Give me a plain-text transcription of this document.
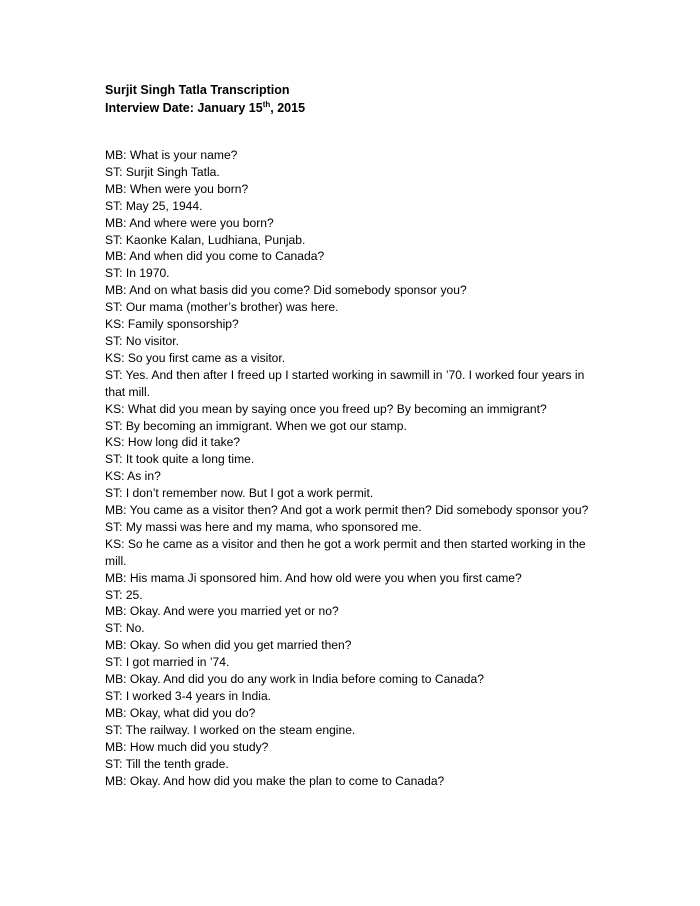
Surjit Singh Tatla Transcription
Interview Date: January 15th, 2015

MB: What is your name?

ST: Surjit Singh Tatla.

MB: When were you born?

ST: May 25, 1944.

MB: And where were you born?

ST: Kaonke Kalan, Ludhiana, Punjab.

MB: And when did you come to Canada?

ST: In 1970.

MB: And on what basis did you come? Did somebody sponsor you?

ST: Our mama (mother’s brother) was here.

KS: Family sponsorship?

ST: No visitor.

KS: So you first came as a visitor.

ST: Yes. And then after I freed up I started working in sawmill in ’70. I worked four years in that mill.

KS: What did you mean by saying once you freed up? By becoming an immigrant?

ST: By becoming an immigrant. When we got our stamp.

KS: How long did it take?

ST: It took quite a long time.

KS: As in?

ST: I don’t remember now. But I got a work permit.

MB: You came as a visitor then? And got a work permit then? Did somebody sponsor you?

ST: My massi was here and my mama, who sponsored me.

KS: So he came as a visitor and then he got a work permit and then started working in the mill.

MB: His mama Ji sponsored him. And how old were you when you first came?

ST: 25.

MB: Okay. And were you married yet or no?

ST: No.

MB: Okay. So when did you get married then?

ST: I got married in ’74.

MB: Okay. And did you do any work in India before coming to Canada?

ST: I worked 3-4 years in India.

MB: Okay, what did you do?

ST: The railway. I worked on the steam engine.

MB: How much did you study?

ST: Till the tenth grade.

MB: Okay. And how did you make the plan to come to Canada?
